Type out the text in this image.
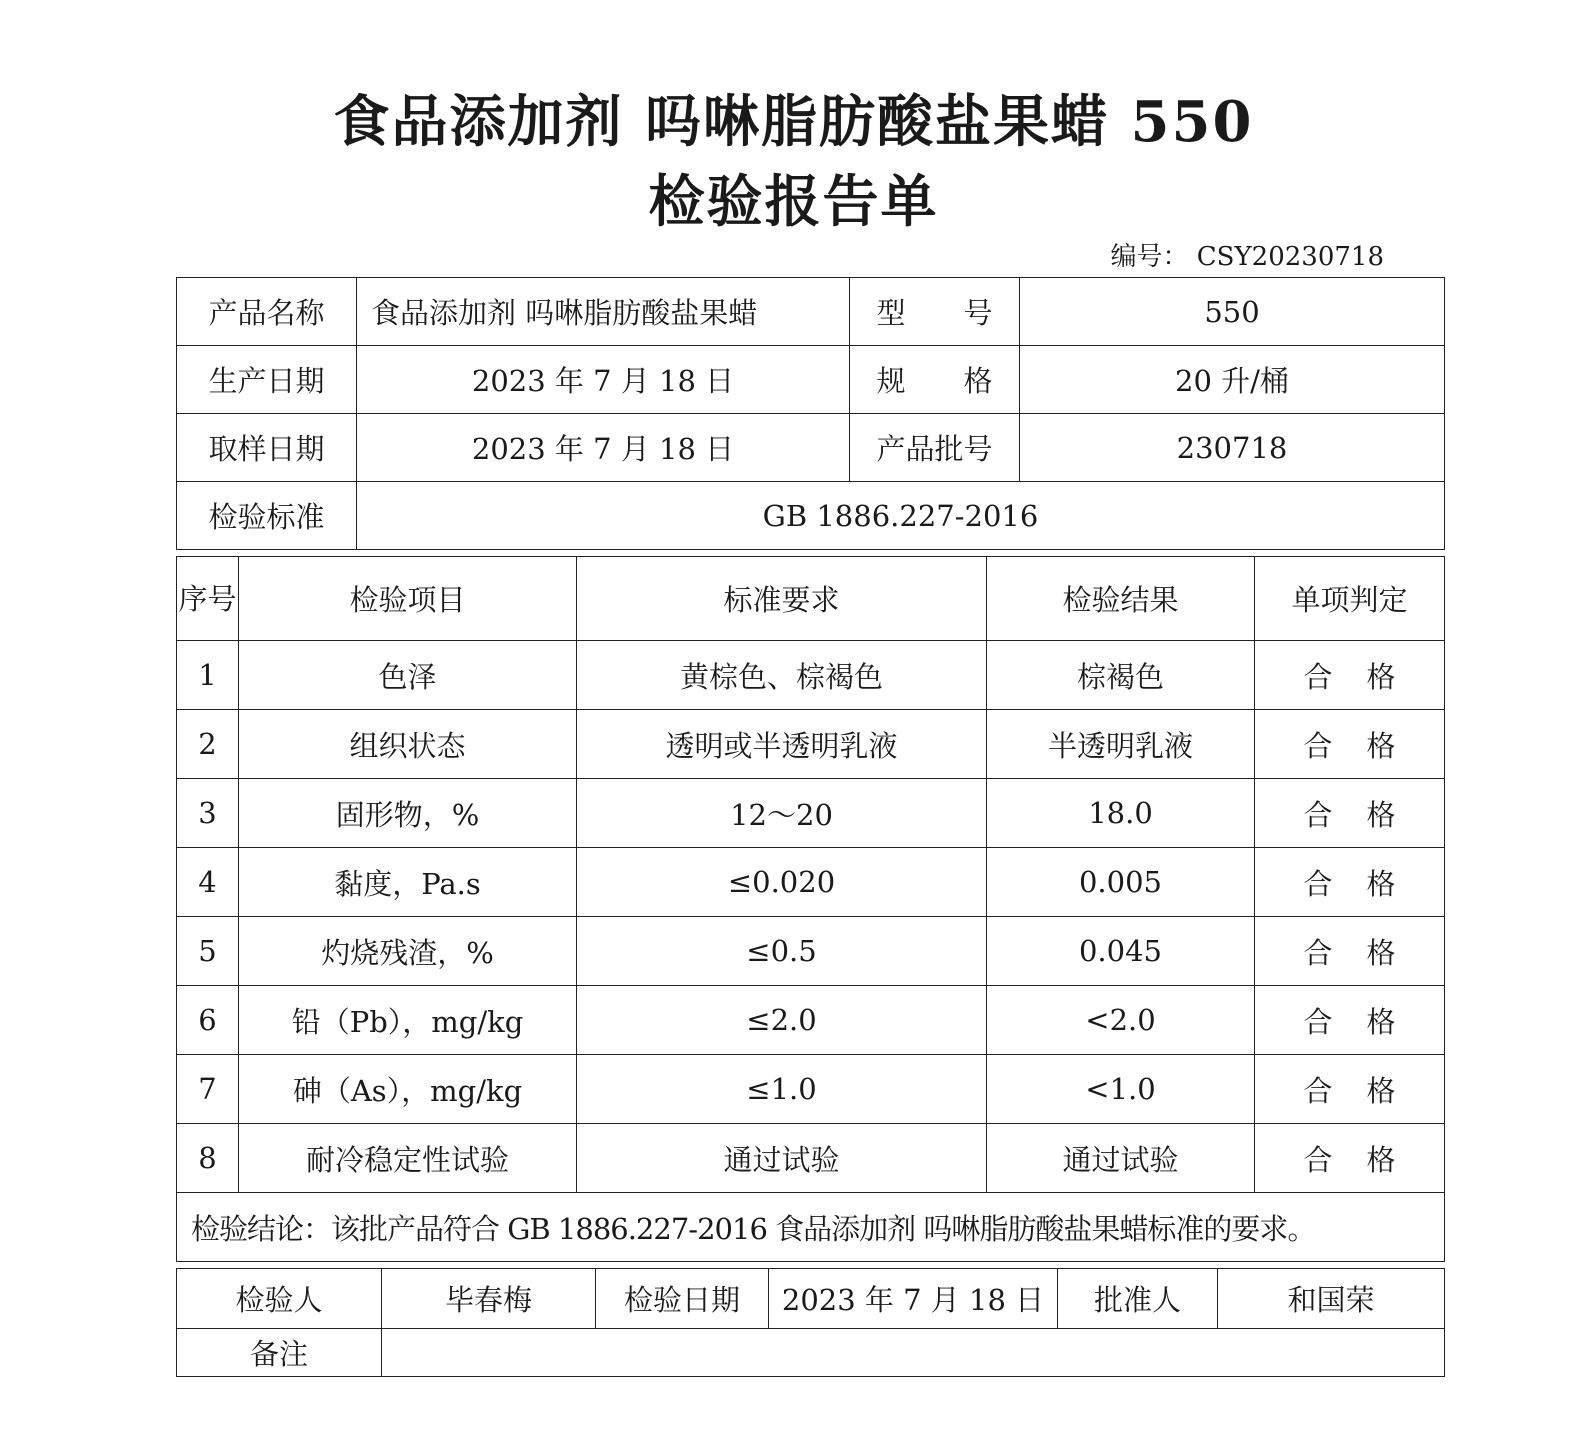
食品添加剂 吗啉脂肪酸盐果蜡 550
检验报告单
编号： CSY20230718
产品名称	食品添加剂 吗啉脂肪酸盐果蜡	型 号	550
生产日期	2023 年 7 月 18 日	规 格	20 升/桶
取样日期	2023 年 7 月 18 日	产品批号	230718
检验标准	GB 1886.227-2016		
序号	检验项目	标准要求	检验结果	单项判定
1	色泽	黄棕色、棕褐色	棕褐色	合 格
2	组织状态	透明或半透明乳液	半透明乳液	合 格
3	固形物，%	12～20	18.0	合 格
4	黏度，Pa.s	≤0.020	0.005	合 格
5	灼烧残渣，%	≤0.5	0.045	合 格
6	铅（Pb），mg/kg	≤2.0	<2.0	合 格
7	砷（As），mg/kg	≤1.0	<1.0	合 格
8	耐冷稳定性试验	通过试验	通过试验	合 格
检验结论：该批产品符合 GB 1886.227-2016 食品添加剂 吗啉脂肪酸盐果蜡标准的要求。				
检验人	毕春梅	检验日期	2023 年 7 月 18 日	批准人	和国荣
备注					
